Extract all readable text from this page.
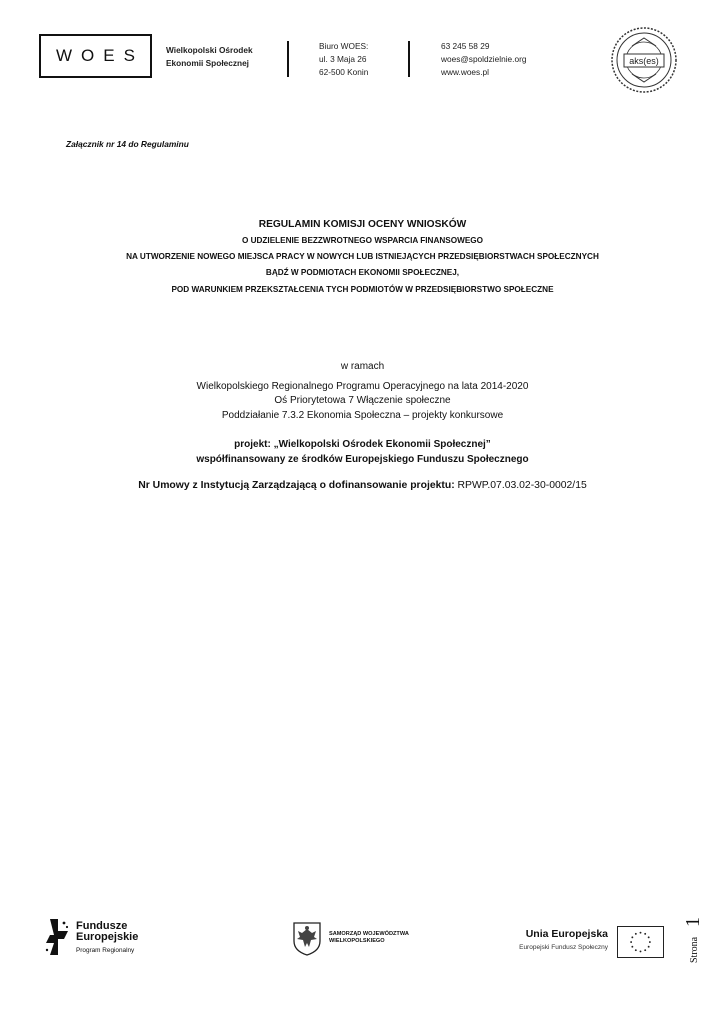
WOES	Wielkopolski Ośrodek
Ekonomii Społecznej
Biuro WOES:
ul. 3 Maja 26
62-500 Konin
63 245 58 29
woes@spoldzielnie.org
www.woes.pl
aks(es)
Załącznik nr 14 do Regulaminu
REGULAMIN KOMISJI OCENY WNIOSKÓW
O UDZIELENIE BEZZWROTNEGO WSPARCIA FINANSOWEGO
NA UTWORZENIE NOWEGO MIEJSCA PRACY W NOWYCH LUB ISTNIEJĄCYCH PRZEDSIĘBIORSTWACH SPOŁECZNYCH
BĄDŹ W PODMIOTACH EKONOMII SPOŁECZNEJ,
POD WARUNKIEM PRZEKSZTAŁCENIA TYCH PODMIOTÓW W PRZEDSIĘBIORSTWO SPOŁECZNE
w ramach
Wielkopolskiego Regionalnego Programu Operacyjnego na lata 2014-2020
Oś Priorytetowa 7 Włączenie społeczne
Poddziałanie 7.3.2 Ekonomia Społeczna – projekty konkursowe
projekt: „Wielkopolski Ośrodek Ekonomii Społecznej”
współfinansowany ze środków Europejskiego Funduszu Społecznego
Nr Umowy z Instytucją Zarządzającą o dofinansowanie projektu: RPWP.07.03.02-30-0002/15
Fundusze
Europejskie
Program Regionalny
SAMORZĄD WOJEWÓDZTWA
WIELKOPOLSKIEGO
Unia Europejska
Europejski Fundusz Społeczny	Strona
1
